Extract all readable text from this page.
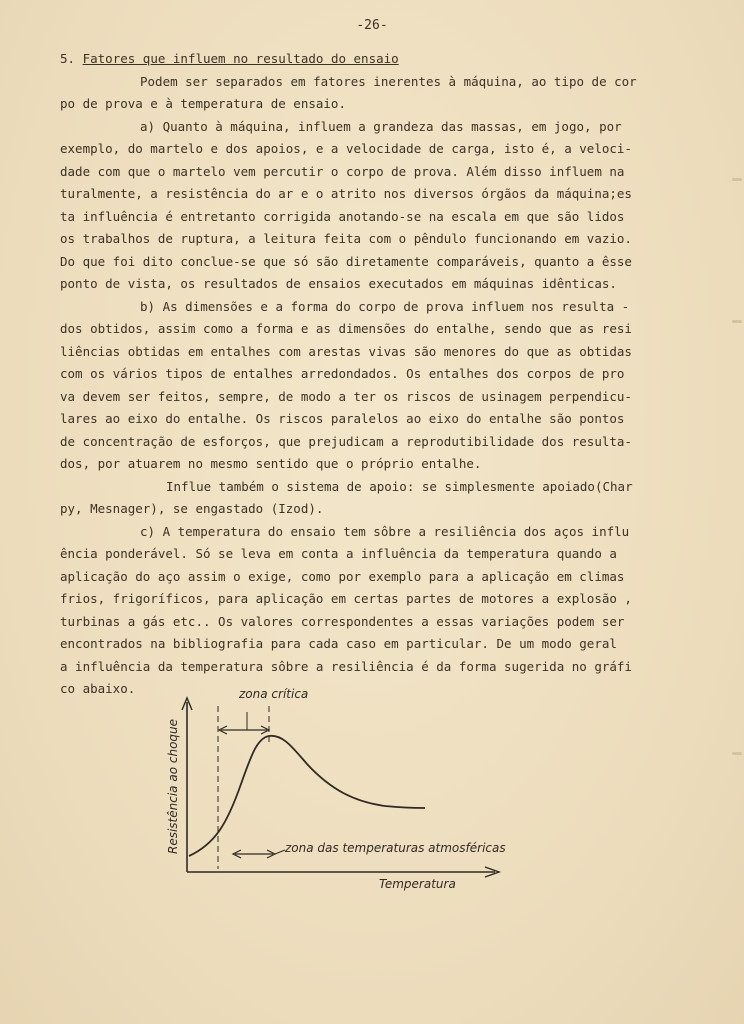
-26-
5. Fatores que influem no resultado do ensaio
Podem ser separados em fatores inerentes à máquina, ao tipo de cor
po de prova e à temperatura de ensaio.
a) Quanto à máquina, influem a grandeza das massas, em jogo, por
exemplo, do martelo e dos apoios, e a velocidade de carga, isto é, a veloci-
dade com que o martelo vem percutir o corpo de prova. Além disso influem na
turalmente, a resistência do ar e o atrito nos diversos órgãos da máquina;es
ta influência é entretanto corrigida anotando-se na escala em que são lidos
os trabalhos de ruptura, a leitura feita com o pêndulo funcionando em vazio.
Do que foi dito conclue-se que só são diretamente comparáveis, quanto a êsse
ponto de vista, os resultados de ensaios executados em máquinas idênticas.
b) As dimensões e a forma do corpo de prova influem nos resulta -
dos obtidos, assim como a forma e as dimensões do entalhe, sendo que as resi
liências obtidas em entalhes com arestas vivas são menores do que as obtidas
com os vários tipos de entalhes arredondados. Os entalhes dos corpos de pro
va devem ser feitos, sempre, de modo a ter os riscos de usinagem perpendicu-
lares ao eixo do entalhe. Os riscos paralelos ao eixo do entalhe são pontos
de concentração de esforços, que prejudicam a reprodutibilidade dos resulta-
dos, por atuarem no mesmo sentido que o próprio entalhe.
Influe também o sistema de apoio: se simplesmente apoiado(Char
py, Mesnager), se engastado (Izod).
c) A temperatura do ensaio tem sôbre a resiliência dos aços influ
ência ponderável. Só se leva em conta a influência da temperatura quando a
aplicação do aço assim o exige, como por exemplo para a aplicação em climas
frios, frigoríficos, para aplicação em certas partes de motores a explosão ,
turbinas a gás etc.. Os valores correspondentes a essas variações podem ser
encontrados na bibliografia para cada caso em particular. De um modo geral
a influência da temperatura sôbre a resiliência é da forma sugerida no gráfi
co abaixo.	zona crítica
zona das temperaturas atmosféricas
Temperatura
Resistência ao choque
